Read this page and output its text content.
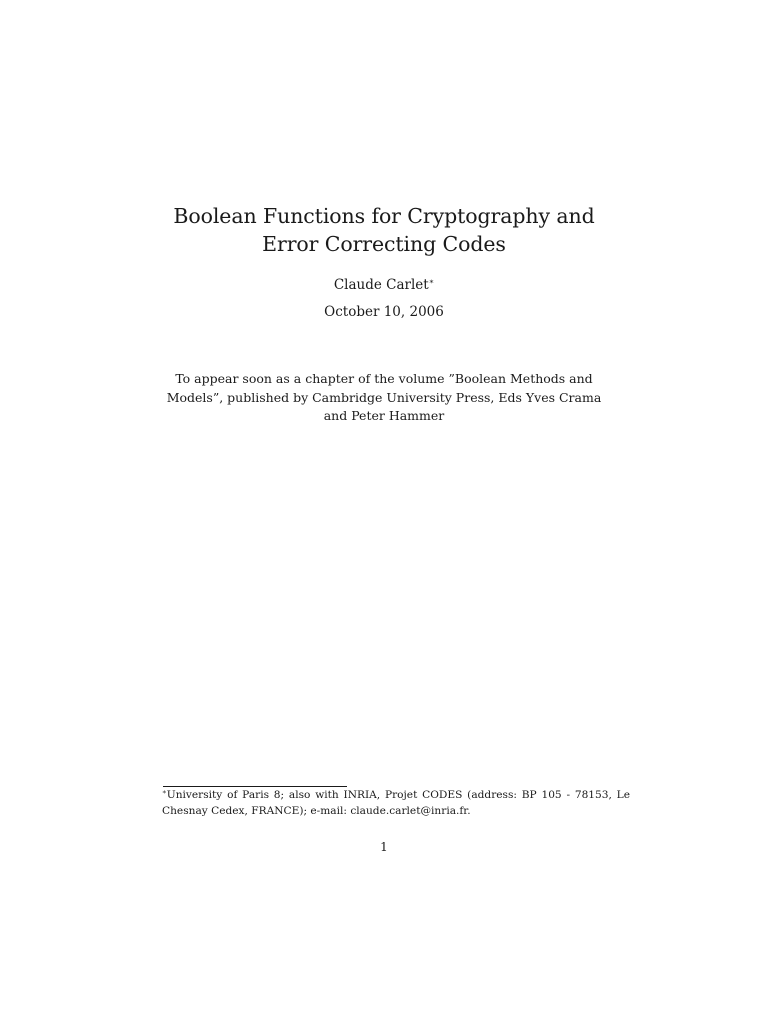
Boolean Functions for Cryptography and Error Correcting Codes
Claude Carlet∗
October 10, 2006
To appear soon as a chapter of the volume ”Boolean Methods and Models”, published by Cambridge University Press, Eds Yves Crama and Peter Hammer
∗University of Paris 8; also with INRIA, Projet CODES (address: BP 105 - 78153, Le Chesnay Cedex, FRANCE); e-mail: claude.carlet@inria.fr.
1
